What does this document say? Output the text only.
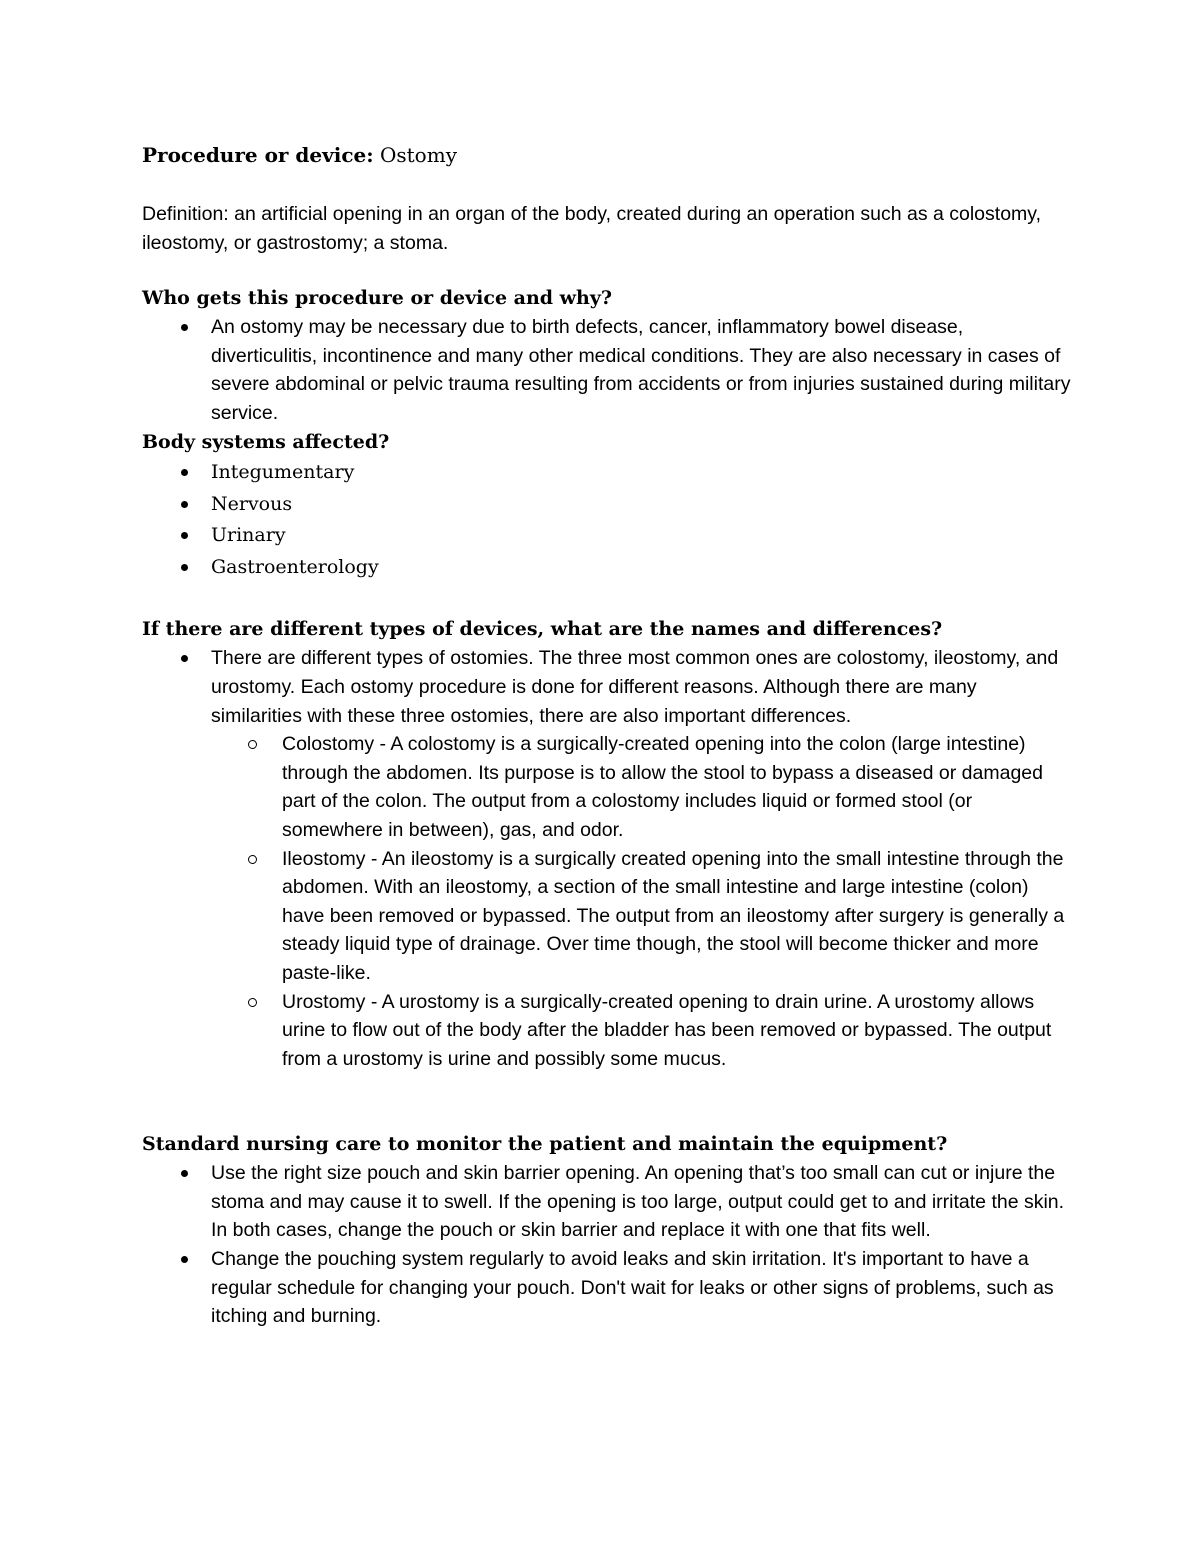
Procedure or device: Ostomy

Definition: an artificial opening in an organ of the body, created during an operation such as a colostomy, ileostomy, or gastrostomy; a stoma.

Who gets this procedure or device and why?

An ostomy may be necessary due to birth defects, cancer, inflammatory bowel disease, diverticulitis, incontinence and many other medical conditions. They are also necessary in cases of severe abdominal or pelvic trauma resulting from accidents or from injuries sustained during military service.

Body systems affected?

Integumentary
Nervous
Urinary
Gastroenterology

If there are different types of devices, what are the names and differences?

There are different types of ostomies. The three most common ones are colostomy, ileostomy, and urostomy. Each ostomy procedure is done for different reasons. Although there are many similarities with these three ostomies, there are also important differences.
Colostomy - A colostomy is a surgically-created opening into the colon (large intestine) through the abdomen. Its purpose is to allow the stool to bypass a diseased or damaged part of the colon. The output from a colostomy includes liquid or formed stool (or somewhere in between), gas, and odor.
Ileostomy - An ileostomy is a surgically created opening into the small intestine through the abdomen. With an ileostomy, a section of the small intestine and large intestine (colon) have been removed or bypassed. The output from an ileostomy after surgery is generally a steady liquid type of drainage. Over time though, the stool will become thicker and more paste-like.
Urostomy - A urostomy is a surgically-created opening to drain urine. A urostomy allows urine to flow out of the body after the bladder has been removed or bypassed. The output from a urostomy is urine and possibly some mucus.

Standard nursing care to monitor the patient and maintain the equipment?

Use the right size pouch and skin barrier opening. An opening that’s too small can cut or injure the stoma and may cause it to swell. If the opening is too large, output could get to and irritate the skin. In both cases, change the pouch or skin barrier and replace it with one that fits well.
Change the pouching system regularly to avoid leaks and skin irritation. It's important to have a regular schedule for changing your pouch. Don't wait for leaks or other signs of problems, such as itching and burning.
